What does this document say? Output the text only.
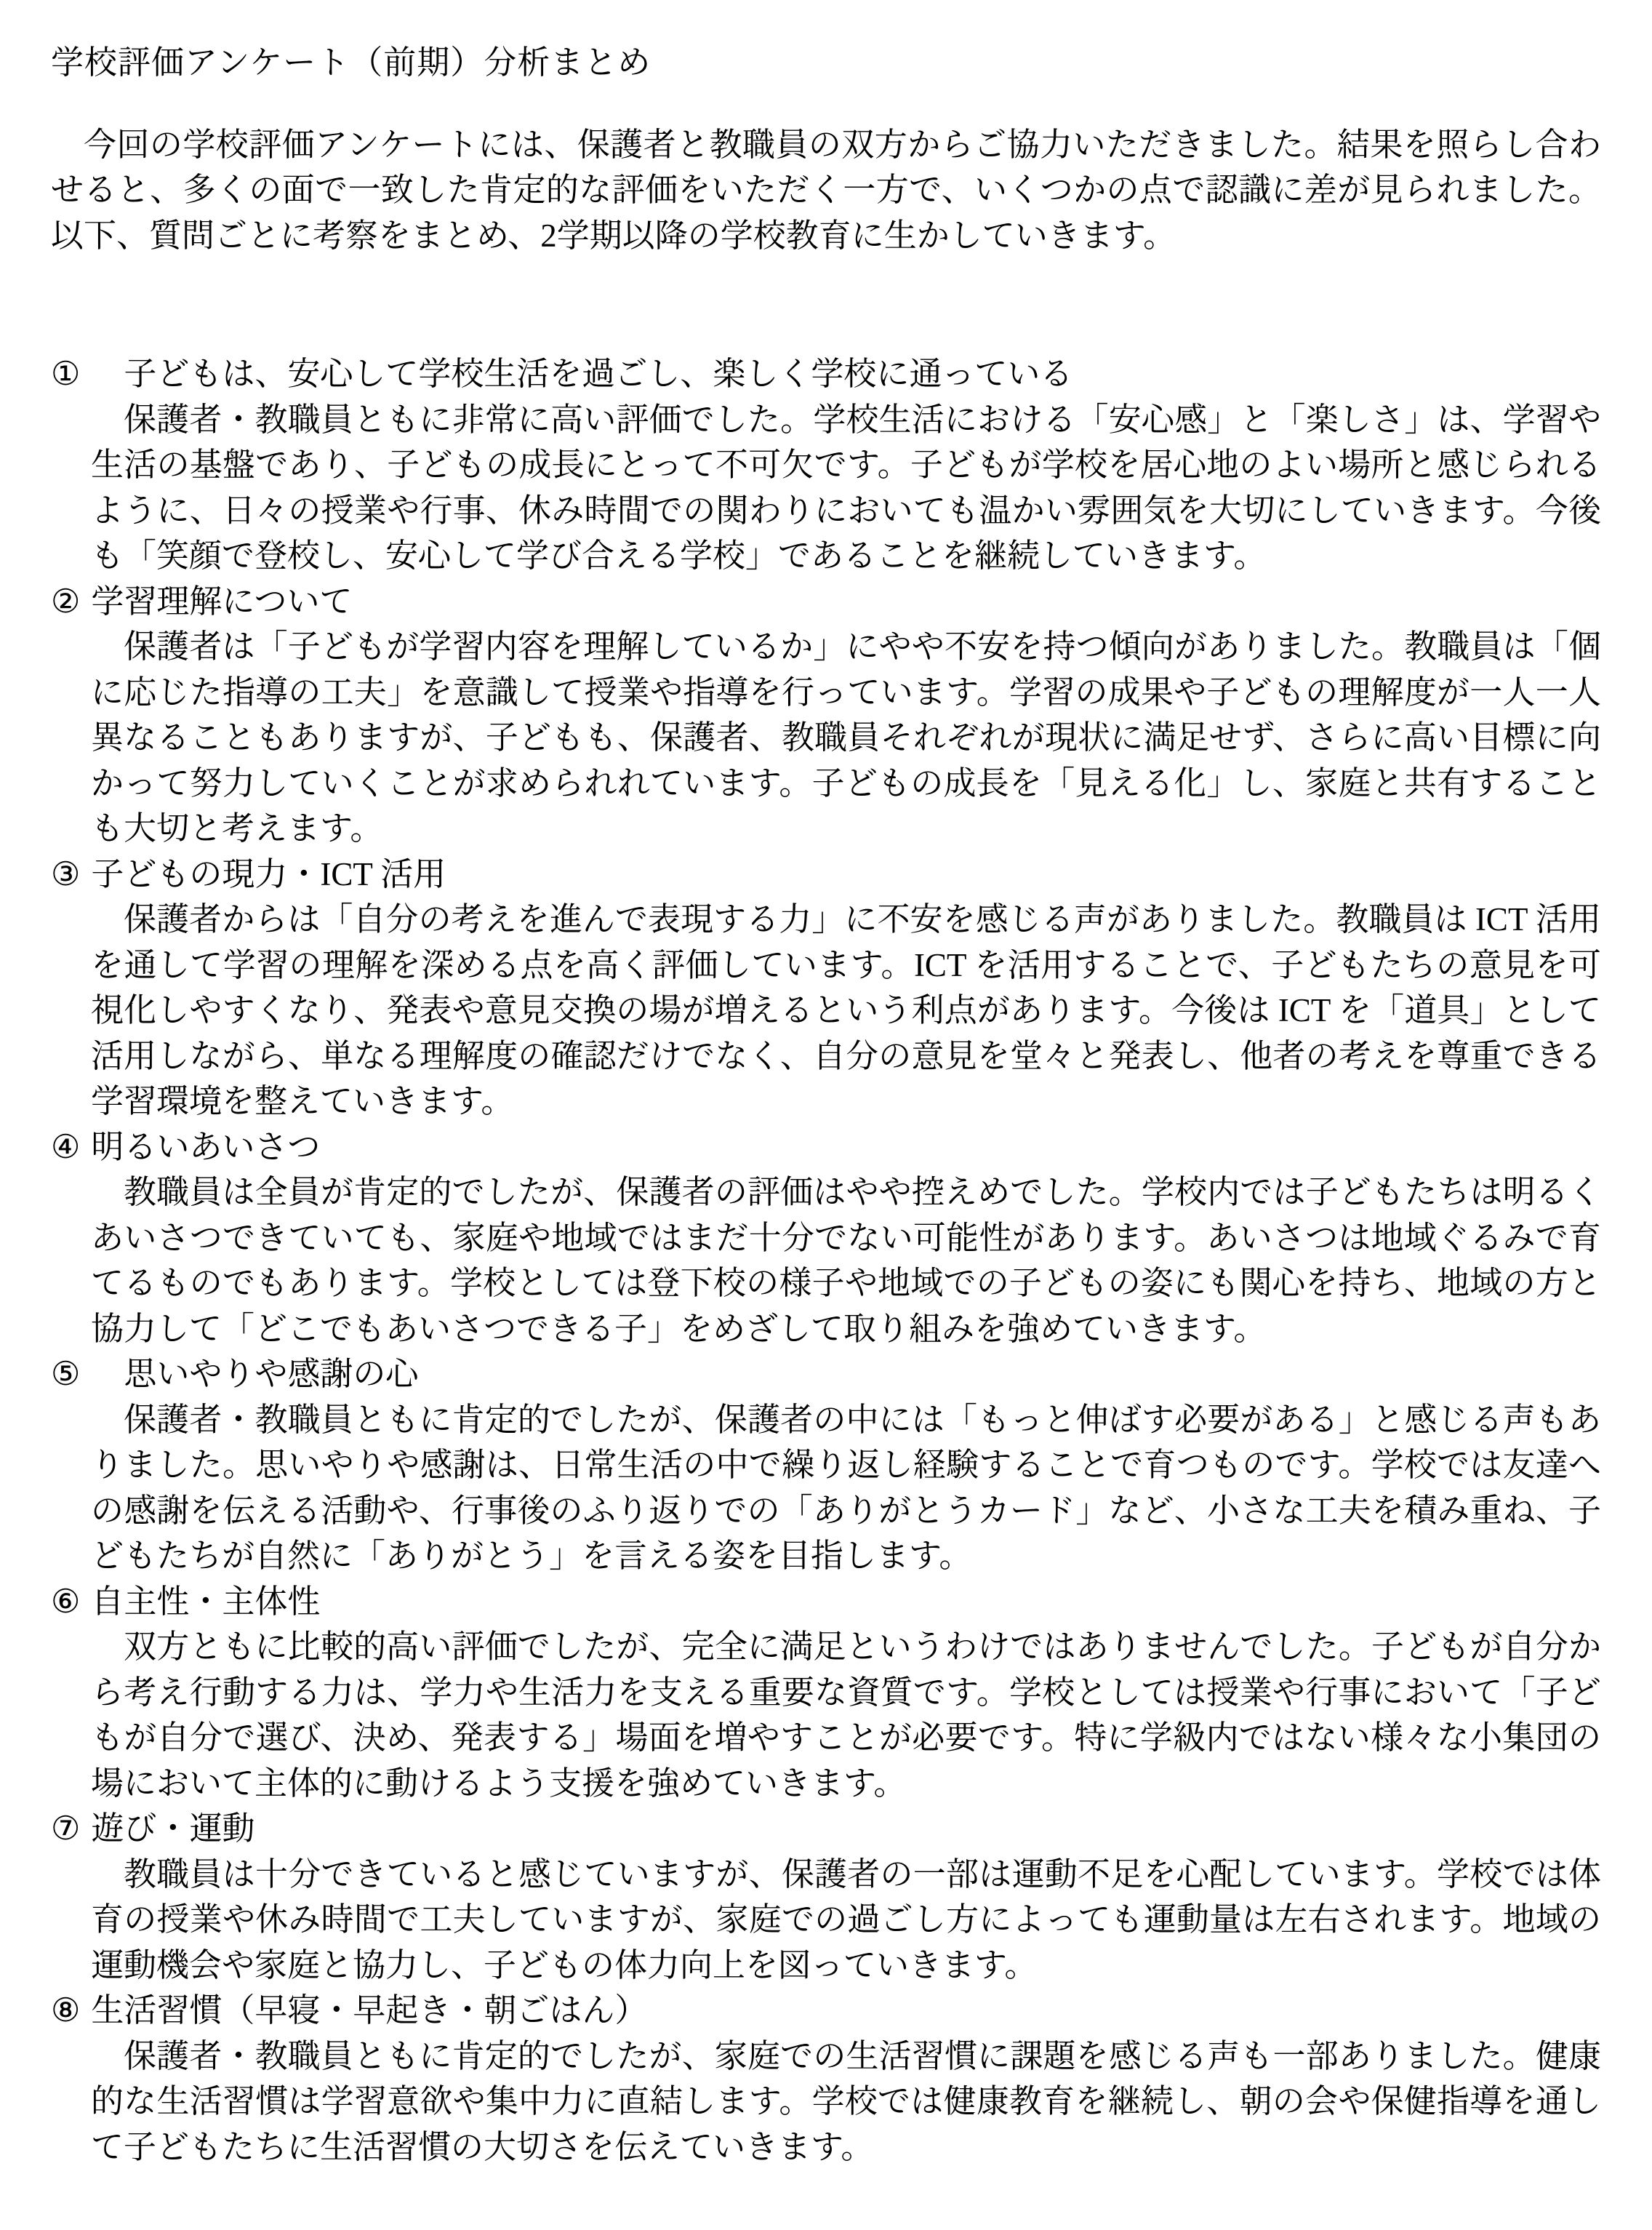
学校評価アンケート（前期）分析まとめ

今回の学校評価アンケートには、保護者と教職員の双方からご協力いただきました。結果を照らし合わせると、多くの面で一致した肯定的な評価をいただく一方で、いくつかの点で認識に差が見られました。以下、質問ごとに考察をまとめ、2学期以降の学校教育に生かしていきます。

①　子どもは、安心して学校生活を過ごし、楽しく学校に通っている

保護者・教職員ともに非常に高い評価でした。学校生活における「安心感」と「楽しさ」は、学習や生活の基盤であり、子どもの成長にとって不可欠です。子どもが学校を居心地のよい場所と感じられるように、日々の授業や行事、休み時間での関わりにおいても温かい雰囲気を大切にしていきます。今後も「笑顔で登校し、安心して学び合える学校」であることを継続していきます。

② 学習理解について

保護者は「子どもが学習内容を理解しているか」にやや不安を持つ傾向がありました。教職員は「個に応じた指導の工夫」を意識して授業や指導を行っています。学習の成果や子どもの理解度が一人一人異なることもありますが、子どもも、保護者、教職員それぞれが現状に満足せず、さらに高い目標に向かって努力していくことが求められれています。子どもの成長を「見える化」し、家庭と共有することも大切と考えます。

③ 子どもの現力・ICT 活用

保護者からは「自分の考えを進んで表現する力」に不安を感じる声がありました。教職員は ICT 活用を通して学習の理解を深める点を高く評価しています。ICT を活用することで、子どもたちの意見を可視化しやすくなり、発表や意見交換の場が増えるという利点があります。今後は ICT を「道具」として活用しながら、単なる理解度の確認だけでなく、自分の意見を堂々と発表し、他者の考えを尊重できる学習環境を整えていきます。

④ 明るいあいさつ

教職員は全員が肯定的でしたが、保護者の評価はやや控えめでした。学校内では子どもたちは明るくあいさつできていても、家庭や地域ではまだ十分でない可能性があります。あいさつは地域ぐるみで育てるものでもあります。学校としては登下校の様子や地域での子どもの姿にも関心を持ち、地域の方と協力して「どこでもあいさつできる子」をめざして取り組みを強めていきます。

⑤　思いやりや感謝の心

保護者・教職員ともに肯定的でしたが、保護者の中には「もっと伸ばす必要がある」と感じる声もありました。思いやりや感謝は、日常生活の中で繰り返し経験することで育つものです。学校では友達への感謝を伝える活動や、行事後のふり返りでの「ありがとうカード」など、小さな工夫を積み重ね、子どもたちが自然に「ありがとう」を言える姿を目指します。

⑥ 自主性・主体性

双方ともに比較的高い評価でしたが、完全に満足というわけではありませんでした。子どもが自分から考え行動する力は、学力や生活力を支える重要な資質です。学校としては授業や行事において「子どもが自分で選び、決め、発表する」場面を増やすことが必要です。特に学級内ではない様々な小集団の場において主体的に動けるよう支援を強めていきます。

⑦ 遊び・運動

教職員は十分できていると感じていますが、保護者の一部は運動不足を心配しています。学校では体育の授業や休み時間で工夫していますが、家庭での過ごし方によっても運動量は左右されます。地域の運動機会や家庭と協力し、子どもの体力向上を図っていきます。

⑧ 生活習慣（早寝・早起き・朝ごはん）

保護者・教職員ともに肯定的でしたが、家庭での生活習慣に課題を感じる声も一部ありました。健康的な生活習慣は学習意欲や集中力に直結します。学校では健康教育を継続し、朝の会や保健指導を通して子どもたちに生活習慣の大切さを伝えていきます。
